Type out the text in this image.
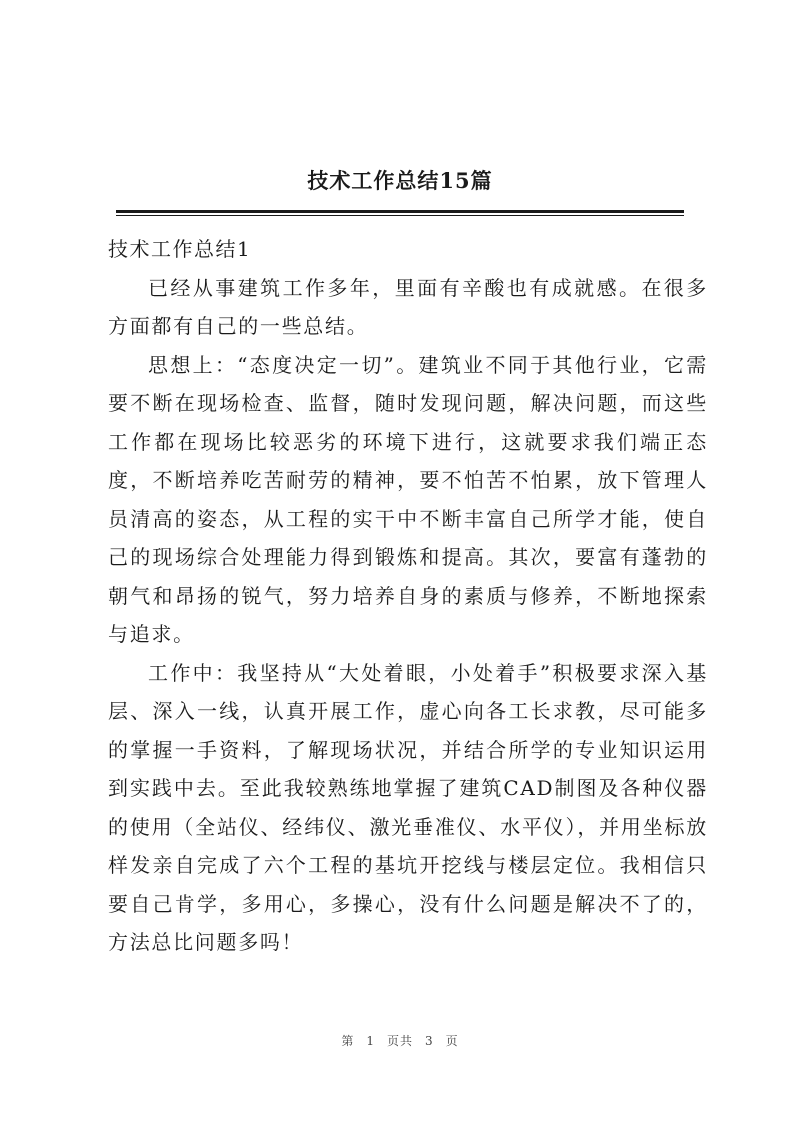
技术工作总结15篇

技术工作总结1

已经从事建筑工作多年，里面有辛酸也有成就感。在很多方面都有自己的一些总结。

思想上：“态度决定一切”。建筑业不同于其他行业，它需要不断在现场检查、监督，随时发现问题，解决问题，而这些工作都在现场比较恶劣的环境下进行，这就要求我们端正态度，不断培养吃苦耐劳的精神，要不怕苦不怕累，放下管理人员清高的姿态，从工程的实干中不断丰富自己所学才能，使自己的现场综合处理能力得到锻炼和提高。其次，要富有蓬勃的朝气和昂扬的锐气，努力培养自身的素质与修养，不断地探索与追求。

工作中：我坚持从“大处着眼，小处着手”积极要求深入基层、深入一线，认真开展工作，虚心向各工长求教，尽可能多的掌握一手资料，了解现场状况，并结合所学的专业知识运用到实践中去。至此我较熟练地掌握了建筑CAD制图及各种仪器的使用（全站仪、经纬仪、激光垂准仪、水平仪），并用坐标放样发亲自完成了六个工程的基坑开挖线与楼层定位。我相信只要自己肯学，多用心，多操心，没有什么问题是解决不了的，方法总比问题多吗！

第 1 页共 3 页
